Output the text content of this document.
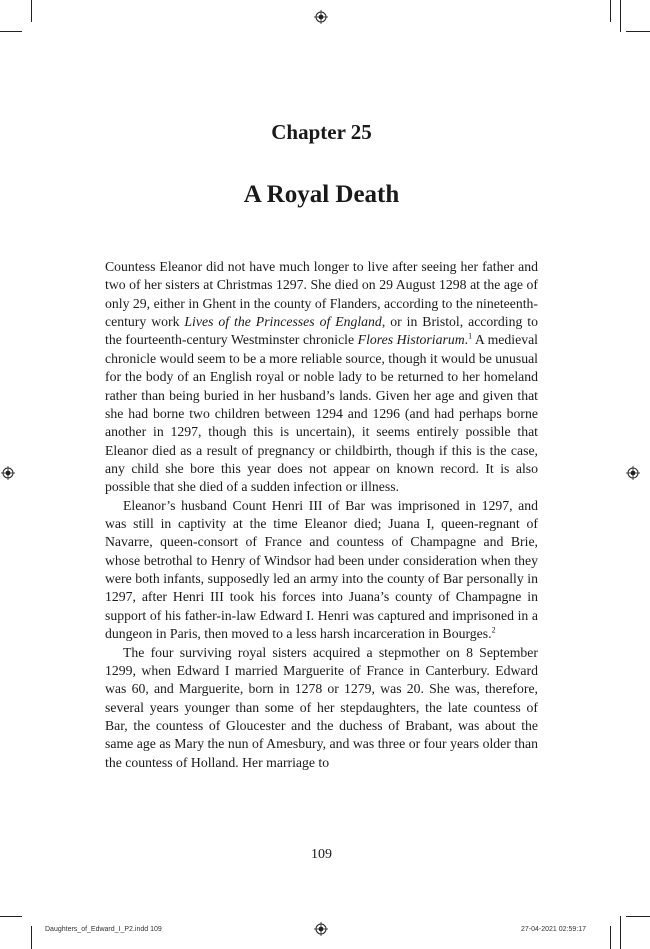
Chapter 25
A Royal Death

Countess Eleanor did not have much longer to live after seeing her father and two of her sisters at Christmas 1297. She died on 29 August 1298 at the age of only 29, either in Ghent in the county of Flanders, according to the nineteenth-century work Lives of the Princesses of England, or in Bristol, according to the fourteenth-century Westminster chronicle Flores Historiarum.$^1$ A medieval chronicle would seem to be a more reliable source, though it would be unusual for the body of an English royal or noble lady to be returned to her homeland rather than being buried in her husband’s lands. Given her age and given that she had borne two children between 1294 and 1296 (and had perhaps borne another in 1297, though this is uncertain), it seems entirely possible that Eleanor died as a result of pregnancy or childbirth, though if this is the case, any child she bore this year does not appear on known record. It is also possible that she died of a sudden infection or illness.

Eleanor’s husband Count Henri III of Bar was imprisoned in 1297, and was still in captivity at the time Eleanor died; Juana I, queen-regnant of Navarre, queen-consort of France and countess of Champagne and Brie, whose betrothal to Henry of Windsor had been under consideration when they were both infants, supposedly led an army into the county of Bar personally in 1297, after Henri III took his forces into Juana’s county of Champagne in support of his father-in-law Edward I. Henri was captured and imprisoned in a dungeon in Paris, then moved to a less harsh incarceration in Bourges.$^2$

The four surviving royal sisters acquired a stepmother on 8 September 1299, when Edward I married Marguerite of France in Canterbury. Edward was 60, and Marguerite, born in 1278 or 1279, was 20. She was, therefore, several years younger than some of her stepdaughters, the late countess of Bar, the countess of Gloucester and the duchess of Brabant, was about the same age as Mary the nun of Amesbury, and was three or four years older than the countess of Holland. Her marriage to

109
Daughters_of_Edward_I_P2.indd 109	27-04-2021 02:59:17
